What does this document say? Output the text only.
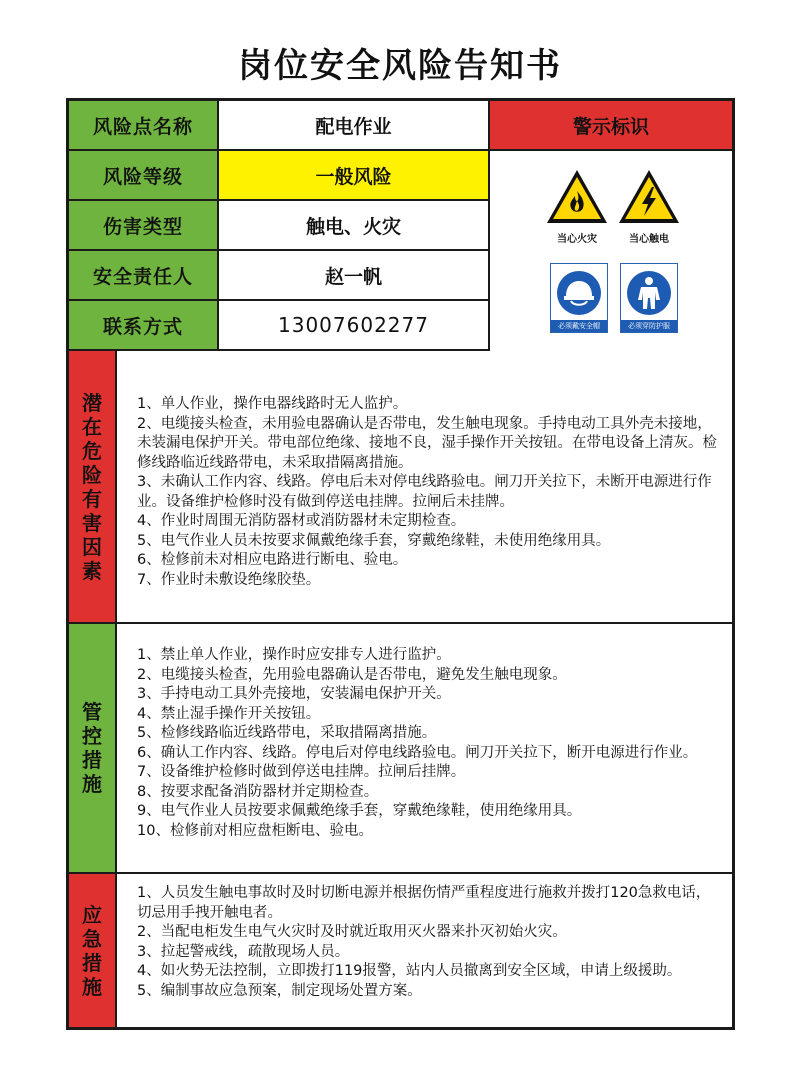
岗位安全风险告知书
风险点名称	配电作业
风险等级	一般风险
伤害类型	触电、火灾
安全责任人	赵一帆
联系方式	13007602277
警示标识
当心火灾	当心触电
必须戴安全帽	必须穿防护服
潜在危险有害因素
1、单人作业，操作电器线路时无人监护。
2、电缆接头检查，未用验电器确认是否带电，发生触电现象。手持电动工具外壳未接地，未装漏电保护开关。带电部位绝缘、接地不良，湿手操作开关按钮。在带电设备上清灰。检修线路临近线路带电，未采取措隔离措施。
3、未确认工作内容、线路。停电后未对停电线路验电。闸刀开关拉下，未断开电源进行作业。设备维护检修时没有做到停送电挂牌。拉闸后未挂牌。
4、作业时周围无消防器材或消防器材未定期检查。
5、电气作业人员未按要求佩戴绝缘手套，穿戴绝缘鞋，未使用绝缘用具。
6、检修前未对相应电路进行断电、验电。
7、作业时未敷设绝缘胶垫。
管控措施
1、禁止单人作业，操作时应安排专人进行监护。
2、电缆接头检查，先用验电器确认是否带电，避免发生触电现象。
3、手持电动工具外壳接地，安装漏电保护开关。
4、禁止湿手操作开关按钮。
5、检修线路临近线路带电，采取措隔离措施。
6、确认工作内容、线路。停电后对停电线路验电。闸刀开关拉下，断开电源进行作业。
7、设备维护检修时做到停送电挂牌。拉闸后挂牌。
8、按要求配备消防器材并定期检查。
9、电气作业人员按要求佩戴绝缘手套，穿戴绝缘鞋，使用绝缘用具。
10、检修前对相应盘柜断电、验电。
应急措施
1、人员发生触电事故时及时切断电源并根据伤情严重程度进行施救并拨打120急救电话，切忌用手拽开触电者。
2、当配电柜发生电气火灾时及时就近取用灭火器来扑灭初始火灾。
3、拉起警戒线，疏散现场人员。
4、如火势无法控制，立即拨打119报警，站内人员撤离到安全区域，申请上级援助。
5、编制事故应急预案，制定现场处置方案。
